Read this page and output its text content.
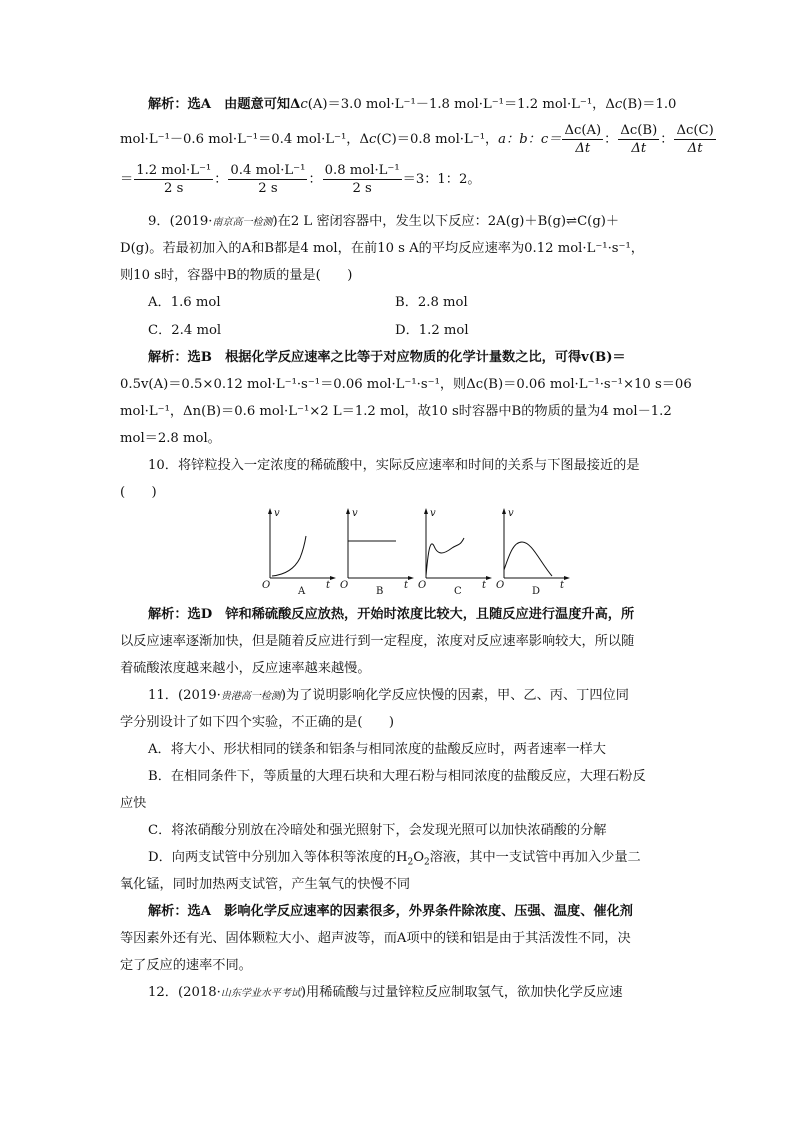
解析：选A　由题意可知Δc(A)＝3.0 mol·L⁻¹－1.8 mol·L⁻¹＝1.2 mol·L⁻¹，Δc(B)＝1.0
mol·L⁻¹－0.6 mol·L⁻¹＝0.4 mol·L⁻¹，Δ c (C)＝0.8 mol·L⁻¹， a：b：$c= \frac{\Delta c(A)}{\Delta t}$ ： $\frac{\Delta c(B)}{\Delta t}$ ： $\frac{\Delta c(C)}{\Delta t}$
＝ $\frac{\text{1.2 mol·L⁻¹}}{2 s}$ ： $\frac{\text{0.4 mol·L⁻¹}}{2 s}$ ： $\frac{\text{0.8 mol·L⁻¹}}{2 s} =3$：1：2。
9．(2019·南京高一检测)在2 L 密闭容器中，发生以下反应：2A(g)＋B(g)⇌C(g)＋
D(g)。若最初加入的A和B都是4 mol，在前10 s A的平均反应速率为0.12 mol·L⁻¹·s⁻¹，
则10 s时，容器中B的物质的量是(　　)
A．1.6 mol	B．2.8 mol
C．2.4 mol	D．1.2 mol
解析：选B　根据化学反应速率之比等于对应物质的化学计量数之比，可得v(B)＝
0.5v(A)＝0.5×0.12 mol·L⁻¹·s⁻¹＝0.06 mol·L⁻¹·s⁻¹，则Δc(B)＝0.06 mol·L⁻¹·s⁻¹×10 s＝06
mol·L⁻¹，Δn(B)＝0.6 mol·L⁻¹×2 L＝1.2 mol，故10 s时容器中B的物质的量为4 mol－1.2
mol＝2.8 mol。
10．将锌粒投入一定浓度的稀硫酸中，实际反应速率和时间的关系与下图最接近的是
(　　)
v
t
O
A
v
t
O
B
v
t
O
C
v
t
O
D
解析：选D　锌和稀硫酸反应放热，开始时浓度比较大，且随反应进行温度升高，所
以反应速率逐渐加快，但是随着反应进行到一定程度，浓度对反应速率影响较大，所以随
着硫酸浓度越来越小，反应速率越来越慢。
11．(2019·贵港高一检测)为了说明影响化学反应快慢的因素，甲、乙、丙、丁四位同
学分别设计了如下四个实验，不正确的是(　　)
A．将大小、形状相同的镁条和铝条与相同浓度的盐酸反应时，两者速率一样大
B．在相同条件下，等质量的大理石块和大理石粉与相同浓度的盐酸反应，大理石粉反
应快
C．将浓硝酸分别放在冷暗处和强光照射下，会发现光照可以加快浓硝酸的分解
D．向两支试管中分别加入等体积等浓度的$H_2O_2$溶液，其中一支试管中再加入少量二
氧化锰，同时加热两支试管，产生氧气的快慢不同
解析：选A　影响化学反应速率的因素很多，外界条件除浓度、压强、温度、催化剂
等因素外还有光、固体颗粒大小、超声波等，而A项中的镁和铝是由于其活泼性不同，决
定了反应的速率不同。
12．(2018·山东学业水平考试)用稀硫酸与过量锌粒反应制取氢气，欲加快化学反应速
